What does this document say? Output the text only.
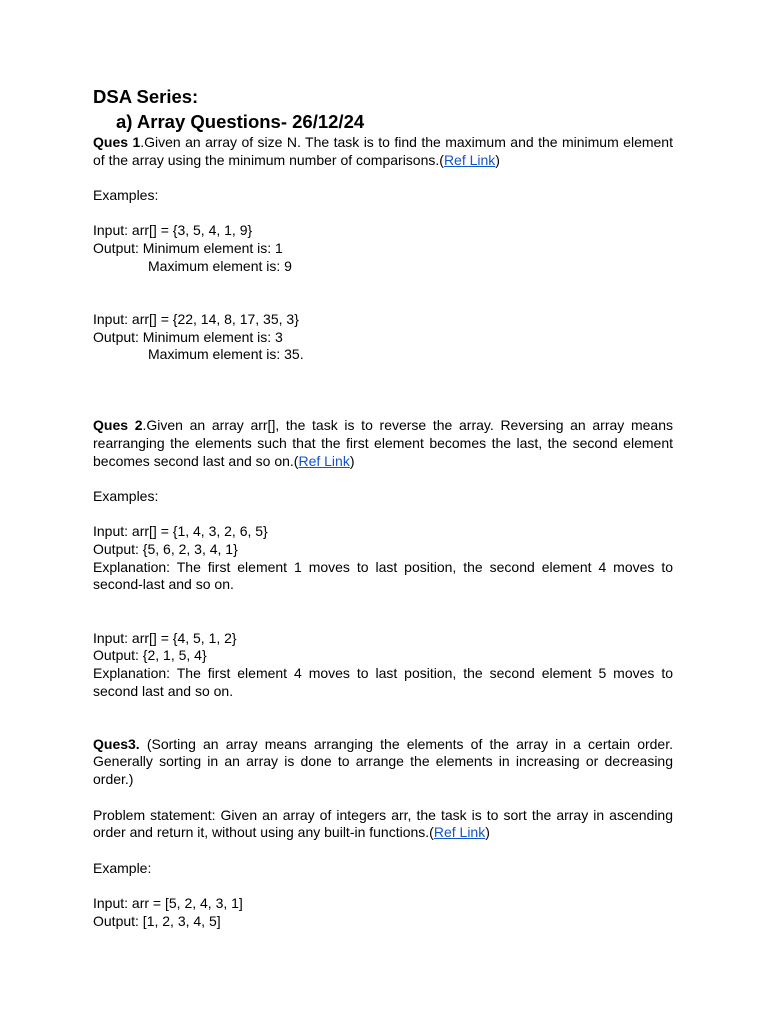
DSA Series:
a) Array Questions- 26/12/24

Ques 1.Given an array of size N. The task is to find the maximum and the minimum element of the array using the minimum number of comparisons.(Ref Link)

Examples:

Input: arr[] = {3, 5, 4, 1, 9}

Output: Minimum element is: 1

Maximum element is: 9

Input: arr[] = {22, 14, 8, 17, 35, 3}

Output: Minimum element is: 3

Maximum element is: 35.

Ques 2.Given an array arr[], the task is to reverse the array. Reversing an array means rearranging the elements such that the first element becomes the last, the second element becomes second last and so on.(Ref Link)

Examples:

Input: arr[] = {1, 4, 3, 2, 6, 5}

Output: {5, 6, 2, 3, 4, 1}

Explanation: The first element 1 moves to last position, the second element 4 moves to second-last and so on.

Input: arr[] = {4, 5, 1, 2}

Output: {2, 1, 5, 4}

Explanation: The first element 4 moves to last position, the second element 5 moves to second last and so on.

Ques3. (Sorting an array means arranging the elements of the array in a certain order. Generally sorting in an array is done to arrange the elements in increasing or decreasing order.)

Problem statement: Given an array of integers arr, the task is to sort the array in ascending order and return it, without using any built-in functions.(Ref Link)

Example:

Input: arr = [5, 2, 4, 3, 1]

Output: [1, 2, 3, 4, 5]
